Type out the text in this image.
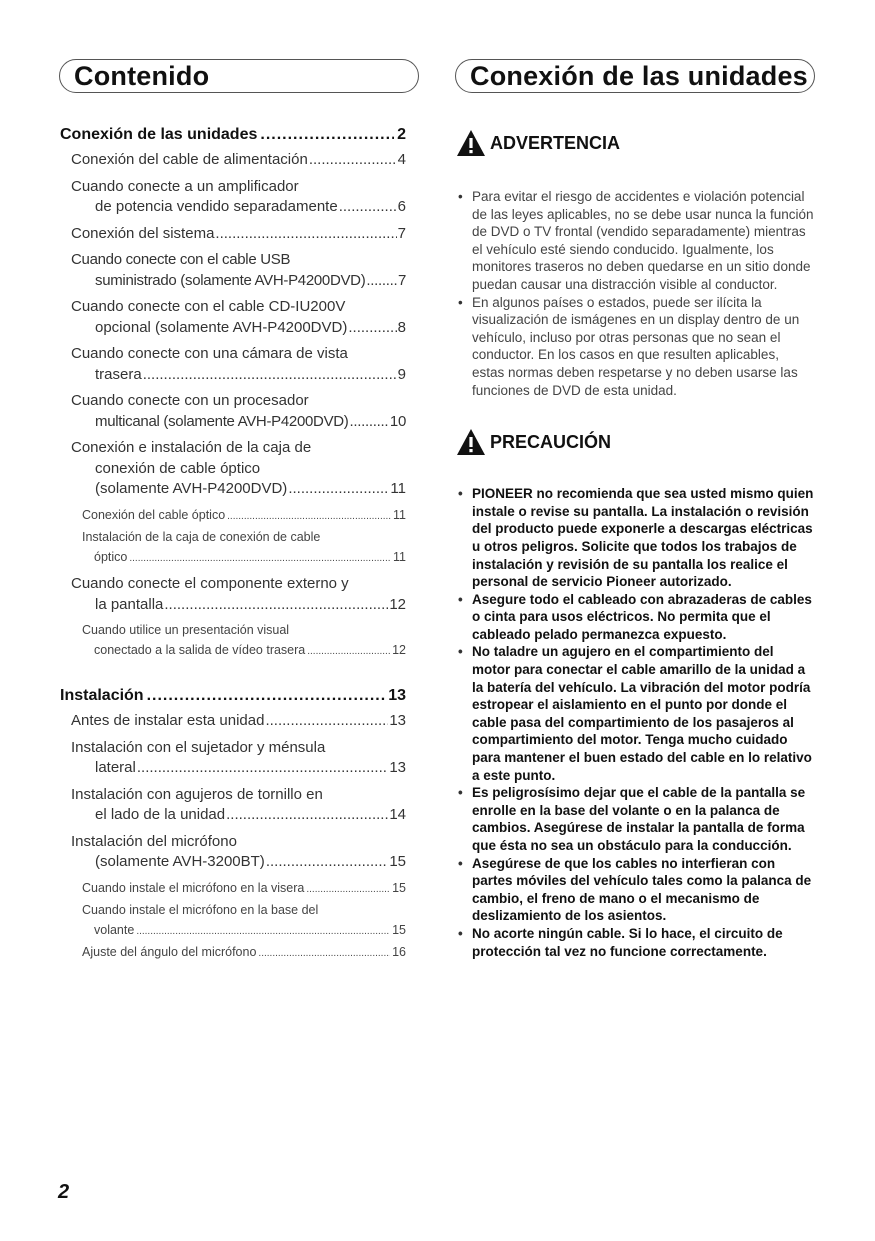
Contenido	Conexión de las unidades
Conexión de las unidades .....	2
Conexión del cable de alimentación .....	4
Cuando conecte a un amplificador
de potencia vendido separadamente .....	6
Conexión del sistema .....	7
Cuando conecte con el cable USB
suministrado (solamente AVH-P4200DVD) ..... 7
Cuando conecte con el cable CD-IU200V
opcional (solamente AVH-P4200DVD) .....	8
Cuando conecte con una cámara de vista
trasera .....	9
Cuando conecte con un procesador
multicanal (solamente AVH-P4200DVD) .....	10
Conexión e instalación de la caja de
conexión de cable óptico
(solamente AVH-P4200DVD) .....	11
Conexión del cable óptico .....	11
Instalación de la caja de conexión de cable
óptico .....	11
Cuando conecte el componente externo y
la pantalla .....	12
Cuando utilice un presentación visual
conectado a la salida de vídeo trasera .....	12
Instalación .....	13
Antes de instalar esta unidad .....	13
Instalación con el sujetador y ménsula
lateral .....	13
Instalación con agujeros de tornillo en
el lado de la unidad .....	14
Instalación del micrófono
(solamente AVH-3200BT) .....	15
Cuando instale el micrófono en la visera .....	15
Cuando instale el micrófono en la base del
volante .....	15
Ajuste del ángulo del micrófono .....	16
ADVERTENCIA
• Para evitar el riesgo de accidentes e violación potencial de las leyes aplicables, no se debe usar nunca la función de DVD o TV frontal (vendido separadamente) mientras el vehículo esté siendo conducido. Igualmente, los monitores traseros no deben quedarse en un sitio donde puedan causar una distracción visible al conductor.
• En algunos países o estados, puede ser ilícita la visualización de ismágenes en un display dentro de un vehículo, incluso por otras personas que no sean el conductor. En los casos en que resulten aplicables, estas normas deben respetarse y no deben usarse las funciones de DVD de esta unidad.
PRECAUCIÓN
• PIONEER no recomienda que sea usted mismo quien instale o revise su pantalla. La instalación o revisión del producto puede exponerle a descargas eléctricas u otros peligros. Solicite que todos los trabajos de instalación y revisión de su pantalla los realice el personal de servicio Pioneer autorizado.
• Asegure todo el cableado con abrazaderas de cables o cinta para usos eléctricos. No permita que el cableado pelado permanezca expuesto.
• No taladre un agujero en el compartimiento del motor para conectar el cable amarillo de la unidad a la batería del vehículo. La vibración del motor podría estropear el aislamiento en el punto por donde el cable pasa del compartimiento de los pasajeros al compartimiento del motor. Tenga mucho cuidado para mantener el buen estado del cable en lo relativo a este punto.
• Es peligrosísimo dejar que el cable de la pantalla se enrolle en la base del volante o en la palanca de cambios. Asegúrese de instalar la pantalla de forma que ésta no sea un obstáculo para la conducción.
• Asegúrese de que los cables no interfieran con partes móviles del vehículo tales como la palanca de cambio, el freno de mano o el mecanismo de deslizamiento de los asientos.
• No acorte ningún cable. Si lo hace, el circuito de protección tal vez no funcione correctamente.
2
